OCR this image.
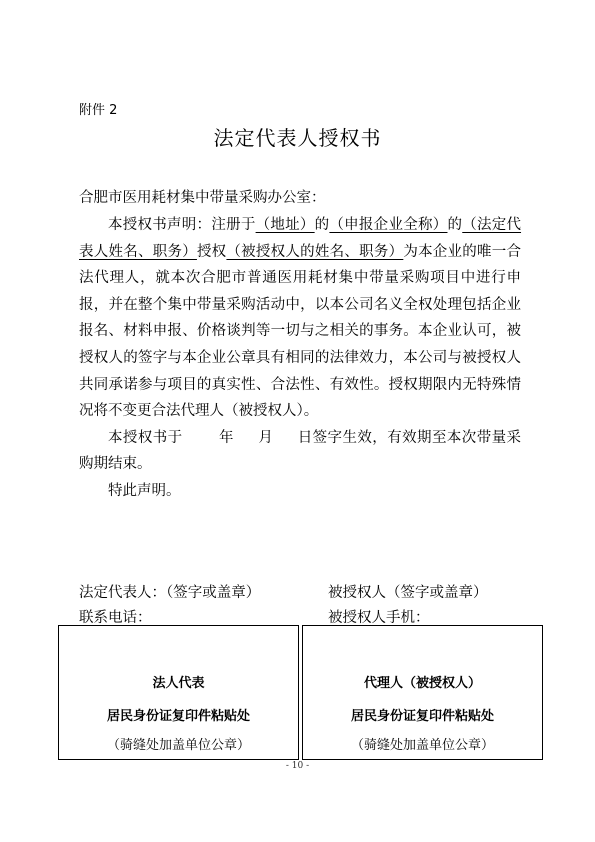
附件 2
法定代表人授权书
合肥市医用耗材集中带量采购办公室：

本授权书声明：注册于（地址）的（申报企业全称）的（法定代表人姓名、职务）授权（被授权人的姓名、职务）为本企业的唯一合法代理人，就本次合肥市普通医用耗材集中带量采购项目中进行申报，并在整个集中带量采购活动中，以本公司名义全权处理包括企业报名、材料申报、价格谈判等一切与之相关的事务。本企业认可，被授权人的签字与本企业公章具有相同的法律效力，本公司与被授权人共同承诺参与项目的真实性、合法性、有效性。授权期限内无特殊情况将不变更合法代理人（被授权人）。

本授权书于 年 月 日签字生效，有效期至本次带量采购期结束。

特此声明。

法定代表人：（签字或盖章）	被授权人（签字或盖章）
联系电话：	被授权人手机：
法人代表
居民身份证复印件粘贴处
（骑缝处加盖单位公章）
代理人（被授权人）
居民身份证复印件粘贴处
（骑缝处加盖单位公章）
- 10 -
